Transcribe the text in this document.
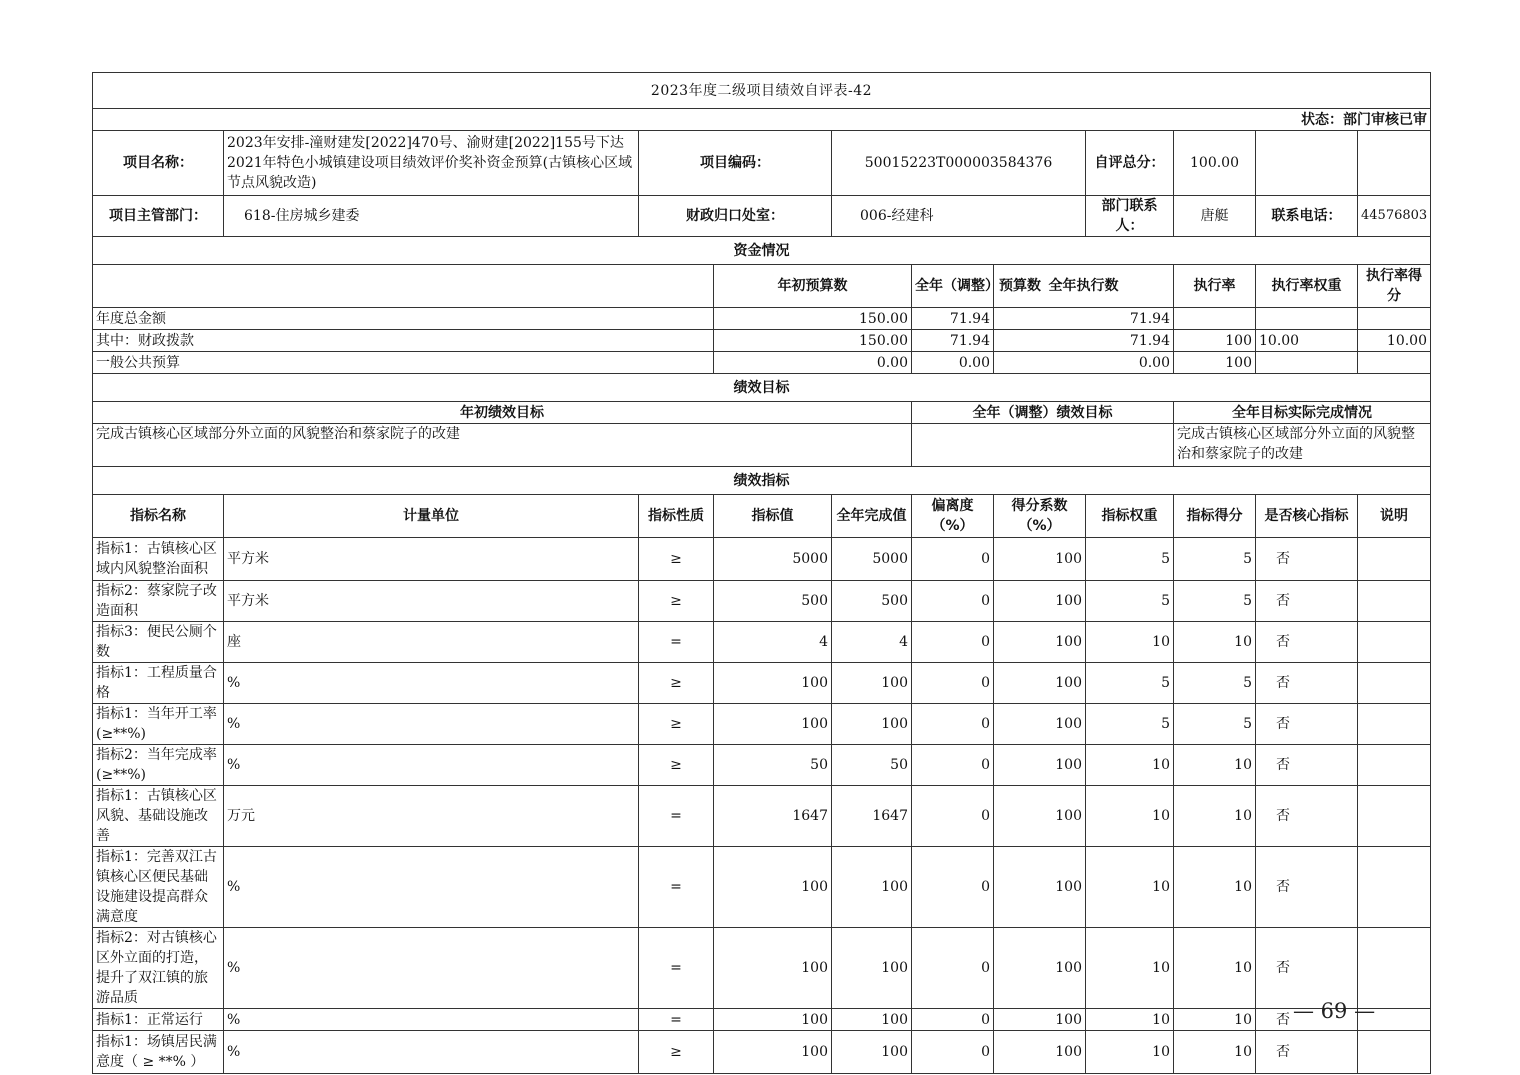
2023年度二级项目绩效自评表-42										
状态：部门审核已审										
项目名称：	2023年安排-潼财建发[2022]470号、渝财建[2022]155号下达2021年特色小城镇建设项目绩效评价奖补资金预算(古镇核心区域节点风貌改造)	项目编码：		50015223T000003584376			自评总分：	100.00		
项目主管部门：	618-住房城乡建委	财政归口处室：		006-经建科			部门联系人：	唐艇	联系电话：	44576803
资金情况										
			年初预算数		全年（调整）预算数	全年执行数		执行率	执行率权重	执行率得分
年度总金额			150.00		71.94	71.94				
其中：财政拨款			150.00		71.94	71.94		100	10.00	10.00
一般公共预算			0.00		0.00	0.00		100		
绩效目标										
年初绩效目标					全年（调整）绩效目标			全年目标实际完成情况		
完成古镇核心区域部分外立面的风貌整治和蔡家院子的改建								完成古镇核心区域部分外立面的风貌整治和蔡家院子的改建		
绩效指标										
指标名称	计量单位	指标性质	指标值	全年完成值	偏离度（%）	得分系数（%）	指标权重	指标得分	是否核心指标	说明
指标1：古镇核心区域内风貌整治面积	平方米	≥	5000	5000	0	100	5	5	否	
指标2：蔡家院子改造面积	平方米	≥	500	500	0	100	5	5	否	
指标3：便民公厕个数	座	=	4	4	0	100	10	10	否	
指标1：工程质量合格	%	≥	100	100	0	100	5	5	否	
指标1：当年开工率(≥**%)	%	≥	100	100	0	100	5	5	否	
指标2：当年完成率(≥**%)	%	≥	50	50	0	100	10	10	否	
指标1：古镇核心区风貌、基础设施改善	万元	=	1647	1647	0	100	10	10	否	
指标1：完善双江古镇核心区便民基础设施建设提高群众满意度	%	=	100	100	0	100	10	10	否	
指标2：对古镇核心区外立面的打造，提升了双江镇的旅游品质	%	=	100	100	0	100	10	10	否	
指标1：正常运行	%	=	100	100	0	100	10	10	否	
指标1：场镇居民满意度（ ≥ **% ）	%	≥	100	100	0	100	10	10	否	
— 69 —
